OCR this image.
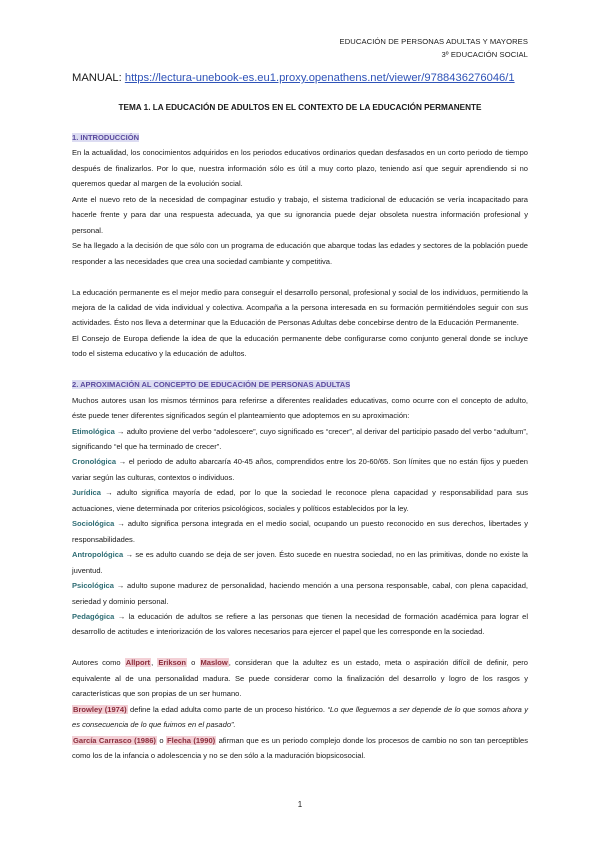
EDUCACIÓN DE PERSONAS ADULTAS Y MAYORES
3º EDUCACIÓN SOCIAL
MANUAL: https://lectura-unebook-es.eu1.proxy.openathens.net/viewer/9788436276046/1
TEMA 1. LA EDUCACIÓN DE ADULTOS EN EL CONTEXTO DE LA EDUCACIÓN PERMANENTE

1. INTRODUCCIÓN

En la actualidad, los conocimientos adquiridos en los periodos educativos ordinarios quedan desfasados en un corto periodo de tiempo después de finalizarlos. Por lo que, nuestra información sólo es útil a muy corto plazo, teniendo así que seguir aprendiendo si no queremos quedar al margen de la evolución social.

Ante el nuevo reto de la necesidad de compaginar estudio y trabajo, el sistema tradicional de educación se vería incapacitado para hacerle frente y para dar una respuesta adecuada, ya que su ignorancia puede dejar obsoleta nuestra información profesional y personal.

Se ha llegado a la decisión de que sólo con un programa de educación que abarque todas las edades y sectores de la población puede responder a las necesidades que crea una sociedad cambiante y competitiva.

La educación permanente es el mejor medio para conseguir el desarrollo personal, profesional y social de los individuos, permitiendo la mejora de la calidad de vida individual y colectiva. Acompaña a la persona interesada en su formación permitiéndoles seguir con sus actividades. Ésto nos lleva a determinar que la Educación de Personas Adultas debe concebirse dentro de la Educación Permanente.

El Consejo de Europa defiende la idea de que la educación permanente debe configurarse como conjunto general donde se incluye todo el sistema educativo y la educación de adultos.

2. APROXIMACIÓN AL CONCEPTO DE EDUCACIÓN DE PERSONAS ADULTAS

Muchos autores usan los mismos términos para referirse a diferentes realidades educativas, como ocurre con el concepto de adulto, éste puede tener diferentes significados según el planteamiento que adoptemos en su aproximación:

Etimológica → adulto proviene del verbo “adolescere”, cuyo significado es “crecer”, al derivar del participio pasado del verbo “adultum”, significando “el que ha terminado de crecer”.

Cronológica → el periodo de adulto abarcaría 40-45 años, comprendidos entre los 20-60/65. Son límites que no están fijos y pueden variar según las culturas, contextos o individuos.

Jurídica → adulto significa mayoría de edad, por lo que la sociedad le reconoce plena capacidad y responsabilidad para sus actuaciones, viene determinada por criterios psicológicos, sociales y políticos establecidos por la ley.

Sociológica → adulto significa persona integrada en el medio social, ocupando un puesto reconocido en sus derechos, libertades y responsabilidades.

Antropológica → se es adulto cuando se deja de ser joven. Ésto sucede en nuestra sociedad, no en las primitivas, donde no existe la juventud.

Psicológica → adulto supone madurez de personalidad, haciendo mención a una persona responsable, cabal, con plena capacidad, seriedad y dominio personal.

Pedagógica → la educación de adultos se refiere a las personas que tienen la necesidad de formación académica para lograr el desarrollo de actitudes e interiorización de los valores necesarios para ejercer el papel que les corresponde en la sociedad.

Autores como Allport, Erikson o Maslow, consideran que la adultez es un estado, meta o aspiración difícil de definir, pero equivalente al de una personalidad madura. Se puede considerar como la finalización del desarrollo y logro de los rasgos y características que son propias de un ser humano.

Browley (1974) define la edad adulta como parte de un proceso histórico. “Lo que lleguemos a ser depende de lo que somos ahora y es consecuencia de lo que fuimos en el pasado”.

García Carrasco (1986) o Flecha (1990) afirman que es un periodo complejo donde los procesos de cambio no son tan perceptibles como los de la infancia o adolescencia y no se den sólo a la maduración biopsicosocial.

1
